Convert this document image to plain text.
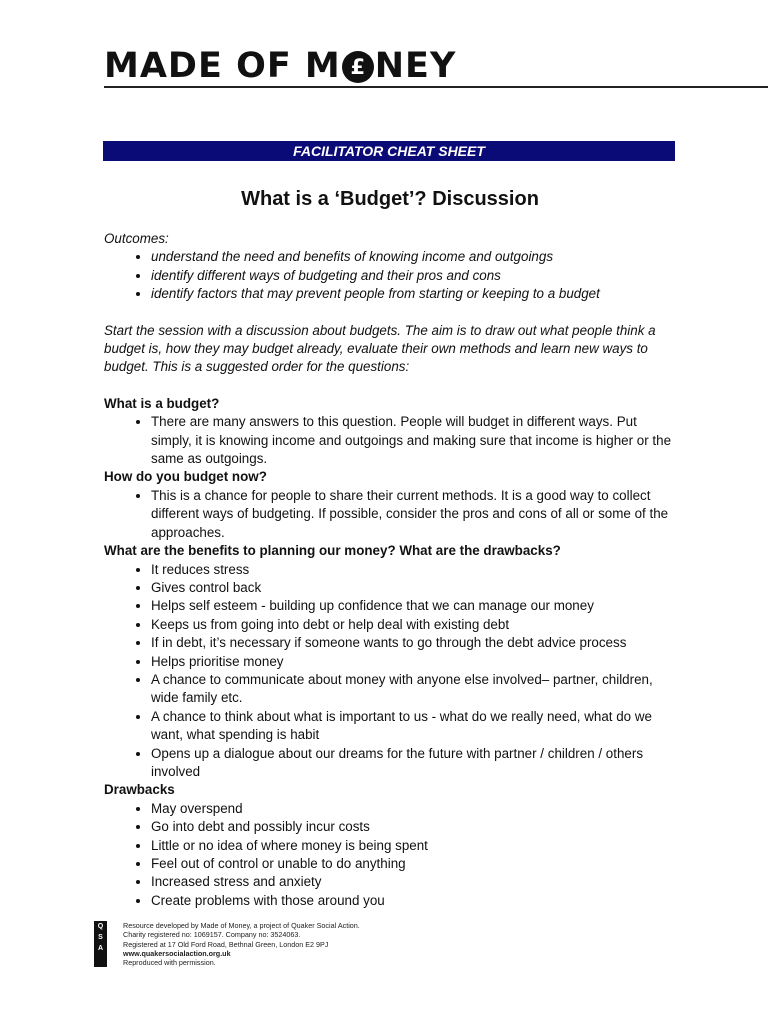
MADE OF M £ NEY
FACILITATOR CHEAT SHEET
What is a ‘Budget’? Discussion

Outcomes:

• understand the need and benefits of knowing income and outgoings
• identify different ways of budgeting and their pros and cons
• identify factors that may prevent people from starting or keeping to a budget

Start the session with a discussion about budgets. The aim is to draw out what people think a budget is, how they may budget already, evaluate their own methods and learn new ways to budget. This is a suggested order for the questions:

What is a budget?

• There are many answers to this question. People will budget in different ways. Put simply, it is knowing income and outgoings and making sure that income is higher or the same as outgoings.

How do you budget now?

• This is a chance for people to share their current methods. It is a good way to collect different ways of budgeting. If possible, consider the pros and cons of all or some of the approaches.

What are the benefits to planning our money? What are the drawbacks?

• It reduces stress
• Gives control back
• Helps self esteem - building up confidence that we can manage our money
• Keeps us from going into debt or help deal with existing debt
• If in debt, it’s necessary if someone wants to go through the debt advice process
• Helps prioritise money
• A chance to communicate about money with anyone else involved– partner, children, wide family etc.
• A chance to think about what is important to us - what do we really need, what do we want, what spending is habit
• Opens up a dialogue about our dreams for the future with partner / children / others involved

Drawbacks

• May overspend
• Go into debt and possibly incur costs
• Little or no idea of where money is being spent
• Feel out of control or unable to do anything
• Increased stress and anxiety
• Create problems with those around you
Q
S
A
Resource developed by Made of Money, a project of Quaker Social Action.
Charity registered no: 1069157. Company no: 3524063.
Registered at 17 Old Ford Road, Bethnal Green, London E2 9PJ
www.quakersocialaction.org.uk
Reproduced with permission.
